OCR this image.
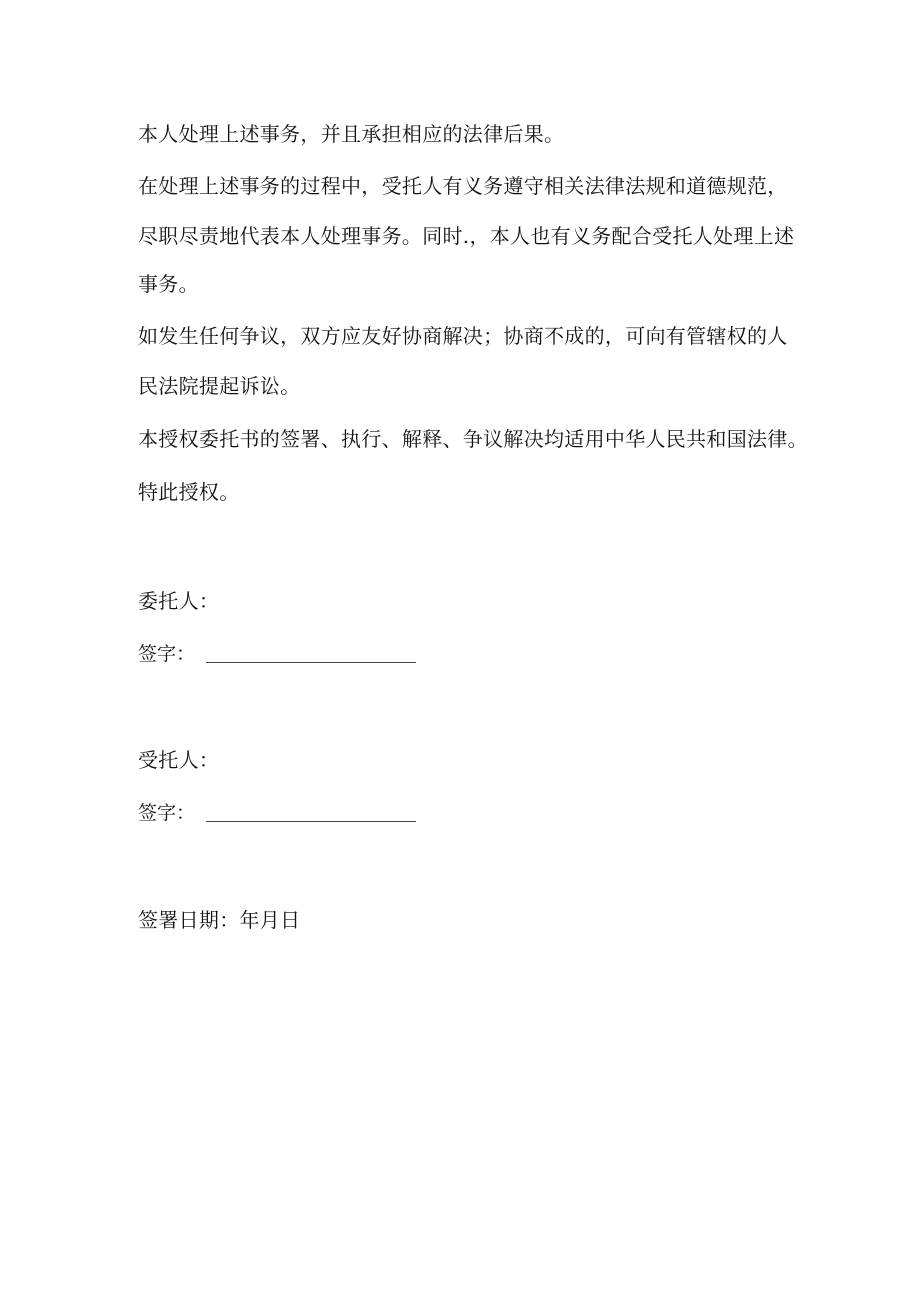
本人处理上述事务，并且承担相应的法律后果。
在处理上述事务的过程中，受托人有义务遵守相关法律法规和道德规范，
尽职尽责地代表本人处理事务。同时.，本人也有义务配合受托人处理上述
事务。
如发生任何争议，双方应友好协商解决；协商不成的，可向有管辖权的人
民法院提起诉讼。
本授权委托书的签署、执行、解释、争议解决均适用中华人民共和国法律。
特此授权。
委托人：
签字：
受托人：
签字：
签署日期：年月日
